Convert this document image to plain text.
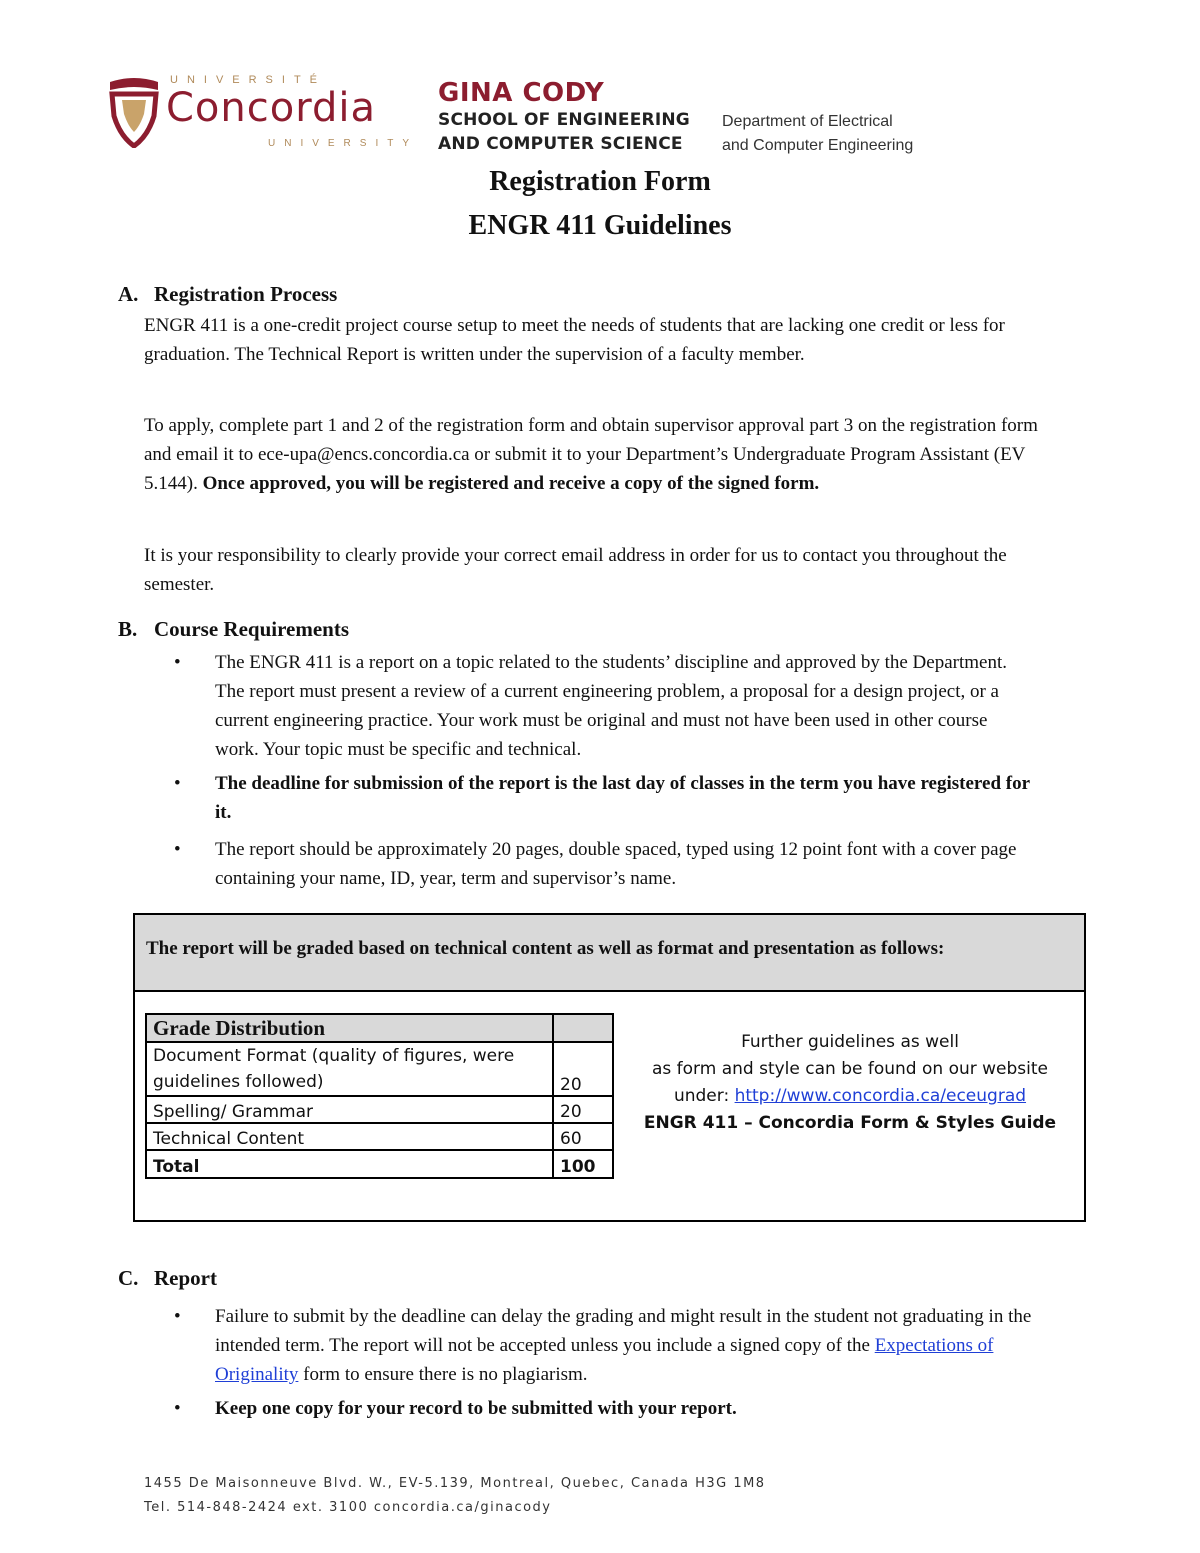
UNIVERSITÉ
Concordia
UNIVERSITY
GINA CODY
SCHOOL OF ENGINEERING
AND COMPUTER SCIENCE
Department of Electrical
and Computer Engineering
Registration Form
ENGR 411 Guidelines
A. Registration Process
ENGR 411 is a one-credit project course setup to meet the needs of students that are lacking one credit or less for graduation. The Technical Report is written under the supervision of a faculty member.
To apply, complete part 1 and 2 of the registration form and obtain supervisor approval part 3 on the registration form and email it to ece-upa@encs.concordia.ca or submit it to your Department’s Undergraduate Program Assistant (EV 5.144). Once approved, you will be registered and receive a copy of the signed form.
It is your responsibility to clearly provide your correct email address in order for us to contact you throughout the semester.
B. Course Requirements
•	The ENGR 411 is a report on a topic related to the students’ discipline and approved by the Department. The report must present a review of a current engineering problem, a proposal for a design project, or a current engineering practice. Your work must be original and must not have been used in other course work. Your topic must be specific and technical.
•	The deadline for submission of the report is the last day of classes in the term you have registered for it.
•	The report should be approximately 20 pages, double spaced, typed using 12 point font with a cover page containing your name, ID, year, term and supervisor’s name.
The report will be graded based on technical content as well as format and presentation as follows:
Grade Distribution	
Document Format (quality of figures, were guidelines followed)	20
Spelling/ Grammar	20
Technical Content	60
Total	100
Further guidelines as well
as form and style can be found on our website
under: http://www.concordia.ca/eceugrad
ENGR 411 – Concordia Form & Styles Guide
C. Report
•	Failure to submit by the deadline can delay the grading and might result in the student not graduating in the intended term. The report will not be accepted unless you include a signed copy of the Expectations of Originality form to ensure there is no plagiarism.
•	Keep one copy for your record to be submitted with your report.
1455 De Maisonneuve Blvd. W., EV-5.139, Montreal, Quebec, Canada H3G 1M8
Tel. 514-848-2424 ext. 3100 concordia.ca/ginacody
